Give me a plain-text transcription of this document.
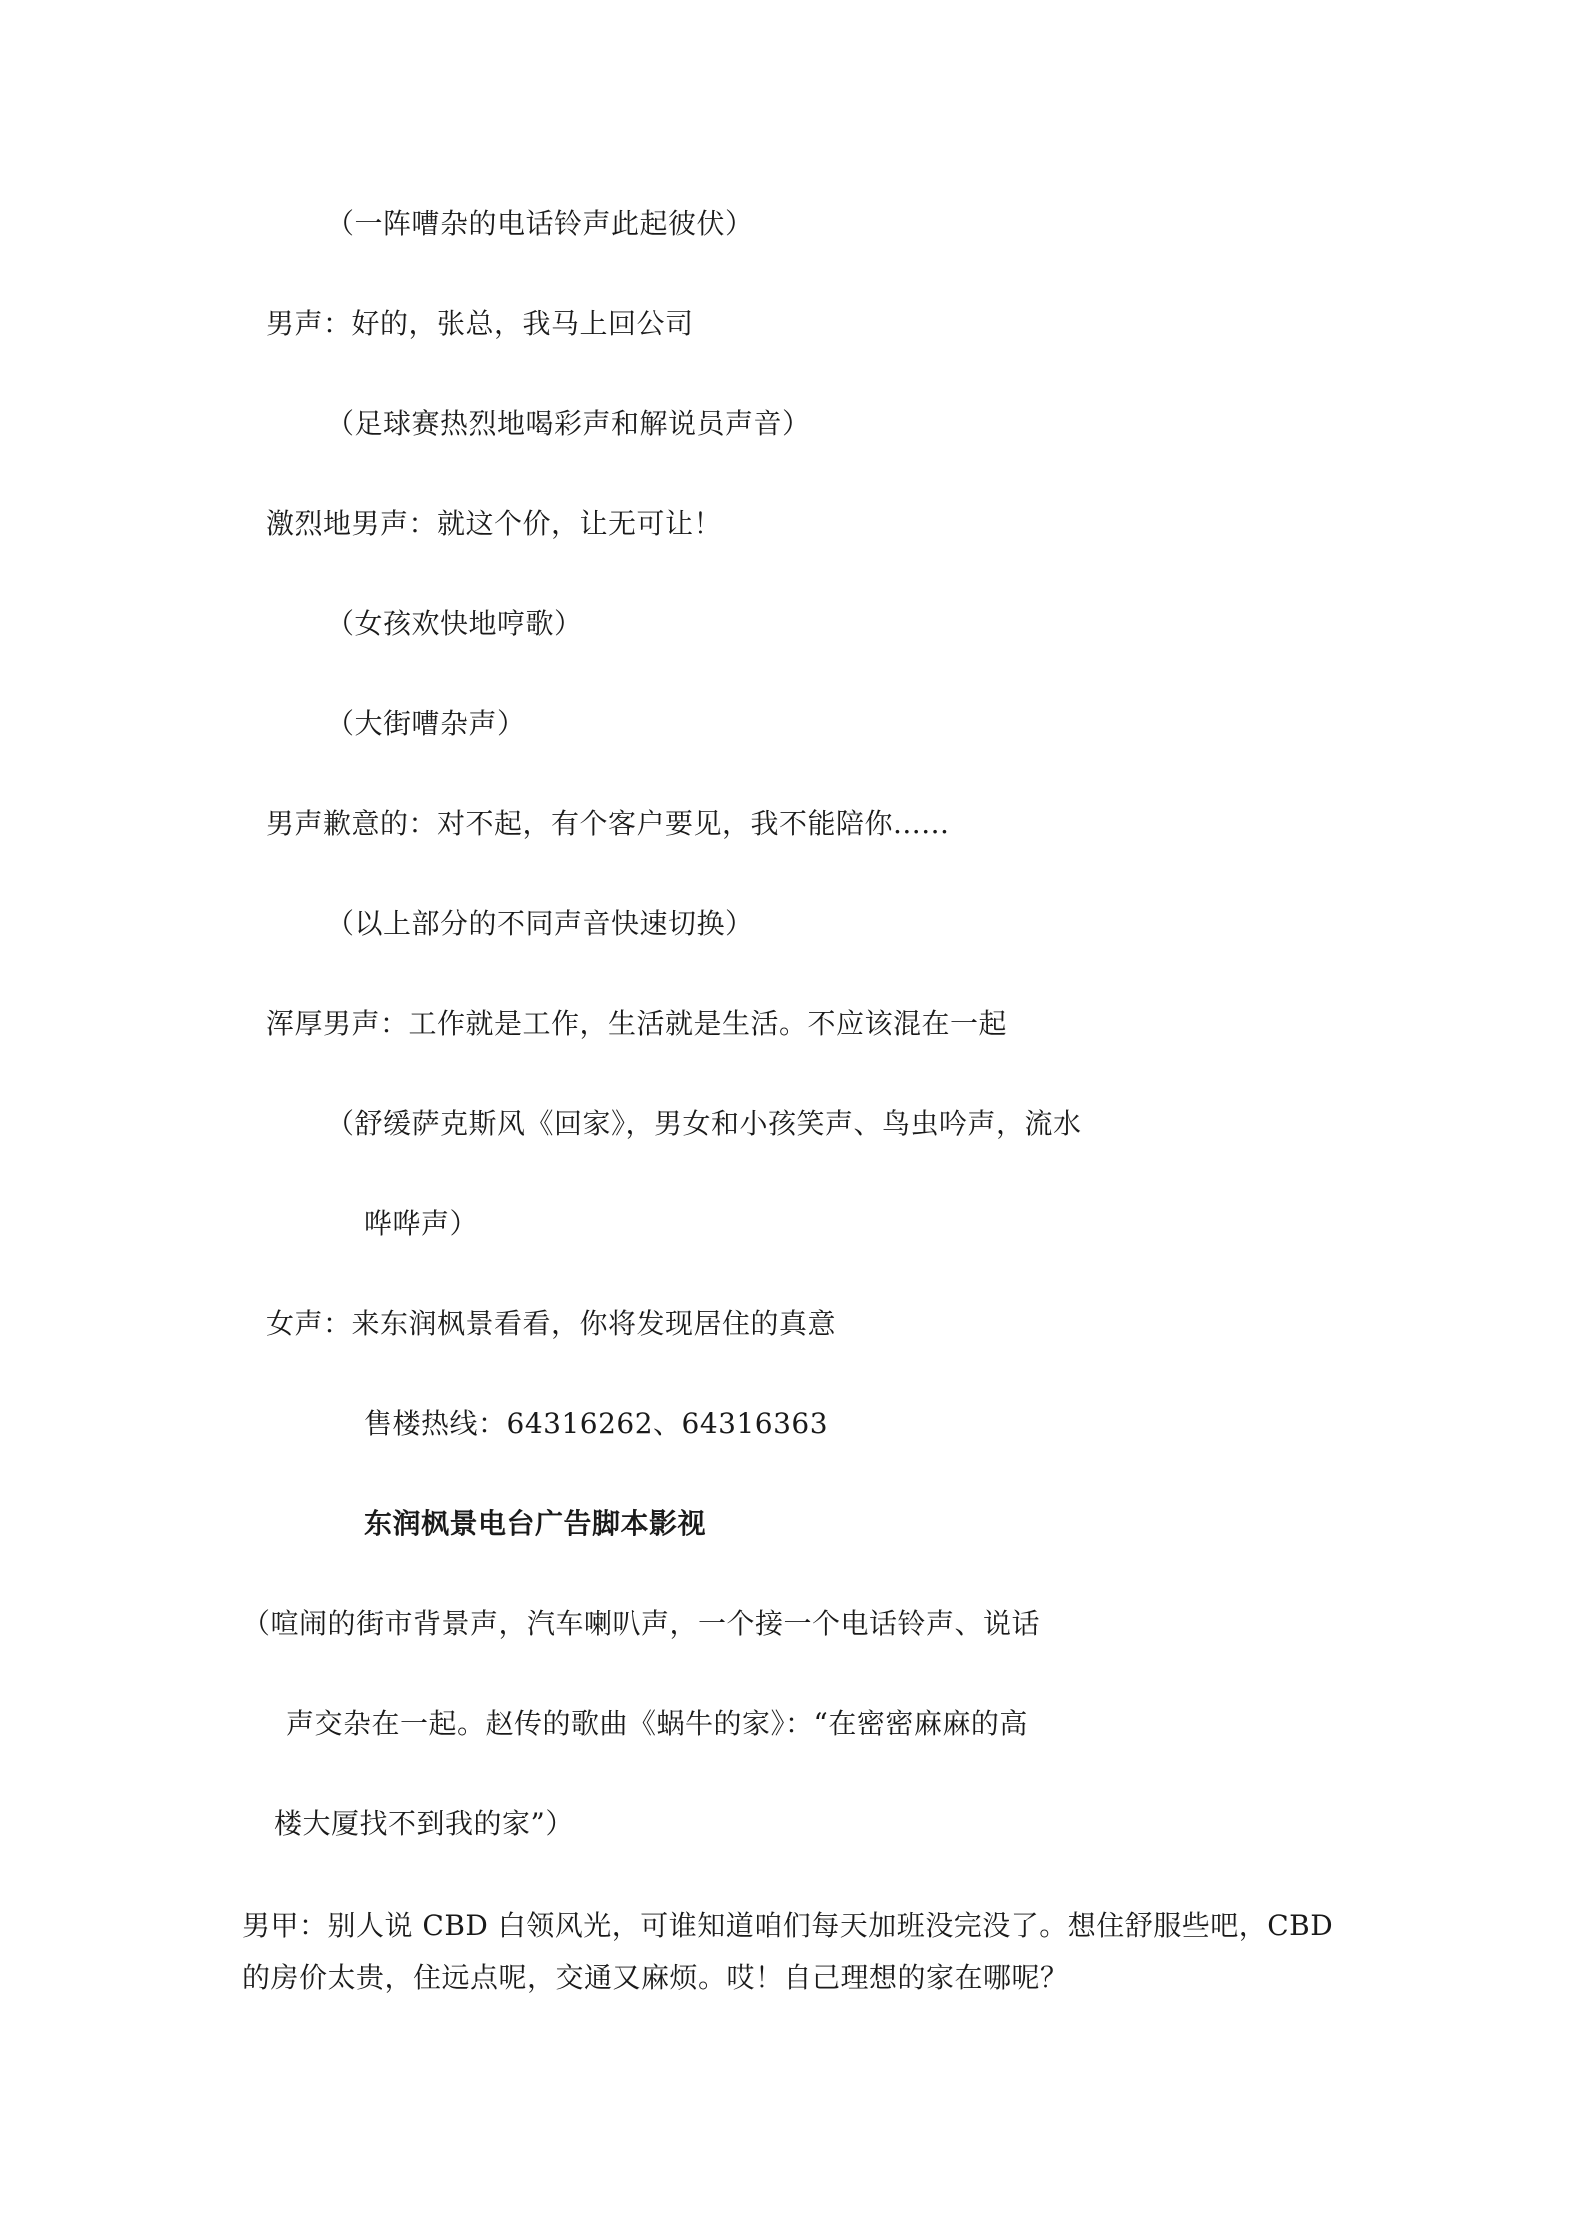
（一阵嘈杂的电话铃声此起彼伏）
男声：好的，张总，我马上回公司
（足球赛热烈地喝彩声和解说员声音）
激烈地男声：就这个价，让无可让！
（女孩欢快地哼歌）
（大街嘈杂声）
男声歉意的：对不起，有个客户要见，我不能陪你......
（以上部分的不同声音快速切换）
浑厚男声：工作就是工作，生活就是生活。不应该混在一起
（舒缓萨克斯风《回家》，男女和小孩笑声、鸟虫吟声，流水
哗哗声）
女声：来东润枫景看看，你将发现居住的真意
售楼热线：64316262、64316363
东润枫景电台广告脚本影视
（喧闹的街市背景声，汽车喇叭声，一个接一个电话铃声、说话
声交杂在一起。赵传的歌曲《蜗牛的家》：“在密密麻麻的高
楼大厦找不到我的家”）
男甲：别人说 CBD 白领风光，可谁知道咱们每天加班没完没了。想住舒服些吧，CBD 的房价太贵，住远点呢，交通又麻烦。哎！自己理想的家在哪呢？
